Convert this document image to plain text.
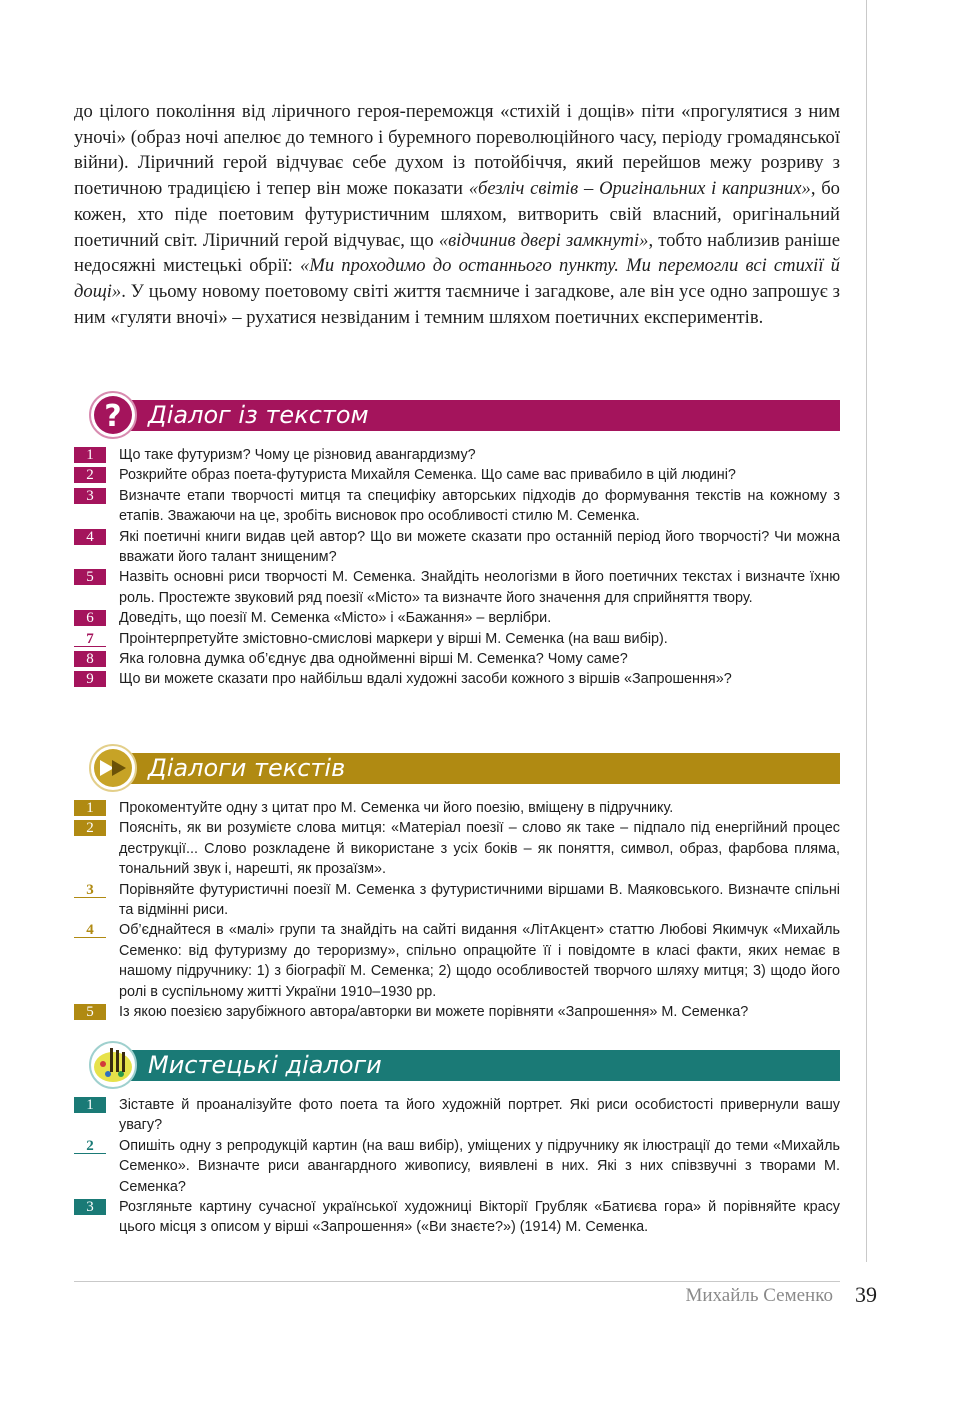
до цілого покоління від ліричного героя-переможця «стихій і дощів» піти «прогулятися з ним уночі» (образ ночі апелює до темного і буремного пореволюційного часу, періоду громадянської війни). Ліричний герой відчуває себе духом із потойбіччя, який перейшов межу розриву з поетичною традицією і тепер він може показати «безліч світів – Оригінальних і капризних», бо кожен, хто піде поетовим футуристичним шляхом, витворить свій власний, оригінальний поетичний світ. Ліричний герой відчуває, що «відчинив двері замкнуті», тобто наблизив раніше недосяжні мистецькі обрії: «Ми проходимо до останнього пункту. Ми перемогли всі стихії й дощі». У цьому новому поетовому світі життя таємниче і загадкове, але він усе одно запрошує з ним «гуляти вночі» – рухатися незвіданим і темним шляхом поетичних експериментів.

? Діалог із текстом
1	Що таке футуризм? Чому це різновид авангардизму?
2	Розкрийте образ поета-футуриста Михайля Семенка. Що саме вас привабило в цій людині?
3	Визначте етапи творчості митця та специфіку авторських підходів до формування текстів на кожному з етапів. Зважаючи на це, зробіть висновок про особливості стилю М. Семенка.
4	Які поетичні книги видав цей автор? Що ви можете сказати про останній період його творчості? Чи можна вважати його талант знищеним?
5	Назвіть основні риси творчості М. Семенка. Знайдіть неологізми в його поетичних текстах і визначте їхню роль. Простежте звуковий ряд поезії «Місто» та визначте його значення для сприйняття твору.
6	Доведіть, що поезії М. Семенка «Місто» і «Бажання» – верлібри.
7	Проінтерпретуйте змістовно-смислові маркери у вірші М. Семенка (на ваш вибір).
8	Яка головна думка об’єднує два однойменні вірші М. Семенка? Чому саме?
9	Що ви можете сказати про найбільш вдалі художні засоби кожного з віршів «Запрошення»?
Діалоги текстів
1	Прокоментуйте одну з цитат про М. Семенка чи його поезію, вміщену в підручнику.
2	Поясніть, як ви розумієте слова митця: «Матеріал поезії – слово як таке – підпало під енергійний процес деструкції... Слово розкладене й використане з усіх боків – як поняття, символ, образ, фарбова пляма, тональний звук і, нарешті, як прозаїзм».
3	Порівняйте футуристичні поезії М. Семенка з футуристичними віршами В. Маяковського. Визначте спільні та відмінні риси.
4	Об’єднайтеся в «малі» групи та знайдіть на сайті видання «ЛітАкцент» статтю Любові Якимчук «Михайль Семенко: від футуризму до тероризму», спільно опрацюйте її і повідомте в класі факти, яких немає в нашому підручнику: 1) з біографії М. Семенка; 2) щодо особливостей творчого шляху митця; 3) щодо його ролі в суспільному житті України 1910–1930 рр.
5	Із якою поезією зарубіжного автора/авторки ви можете порівняти «Запрошення» М. Семенка?
Мистецькі діалоги
1	Зіставте й проаналізуйте фото поета та його художній портрет. Які риси особистості привернули вашу увагу?
2	Опишіть одну з репродукцій картин (на ваш вибір), уміщених у підручнику як ілюстрації до теми «Михайль Семенко». Визначте риси авангардного живопису, виявлені в них. Які з них співзвучні з творами М. Семенка?
3	Розгляньте картину сучасної української художниці Вікторії Грубляк «Батиєва гора» й порівняйте красу цього місця з описом у вірші «Запрошення» («Ви знаєте?») (1914) М. Семенка.
Михайль Семенко 39
